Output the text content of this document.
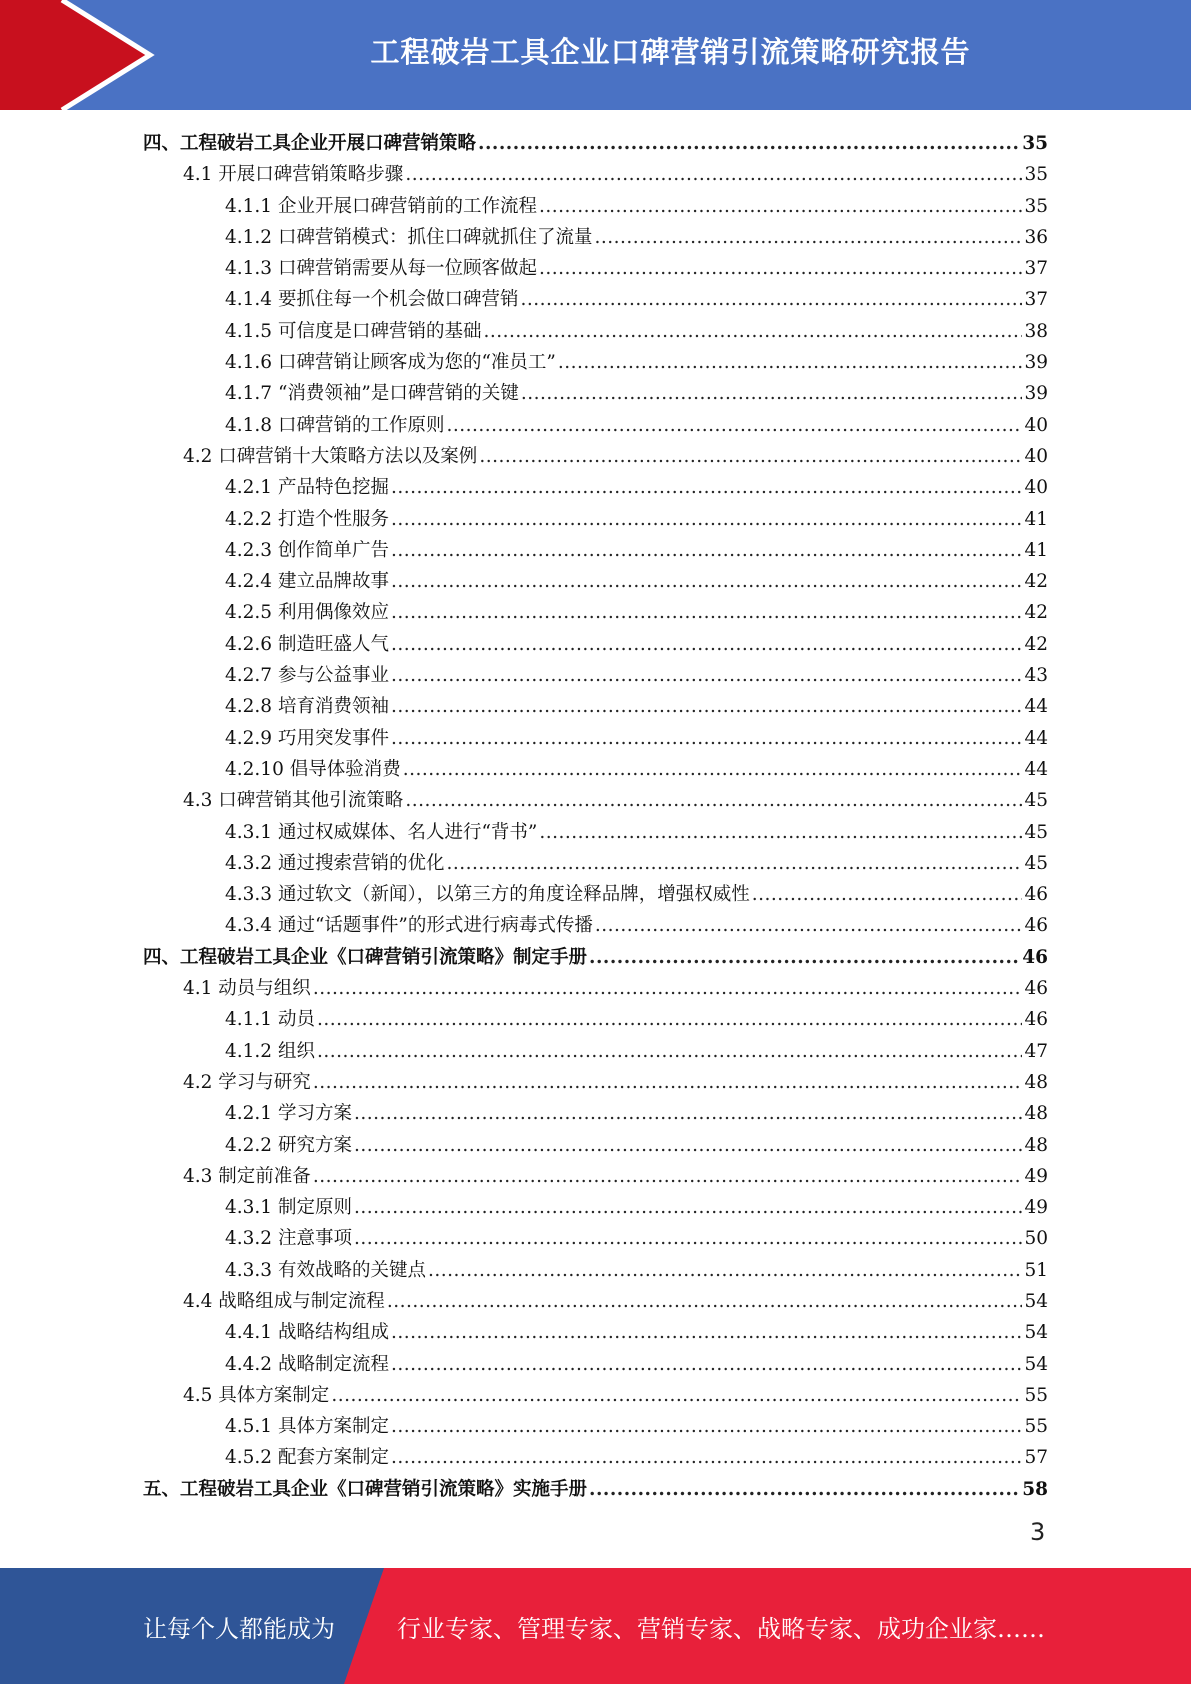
工程破岩工具企业口碑营销引流策略研究报告
四、工程破岩工具企业开展口碑营销策略 .....	35
4.1 开展口碑营销策略步骤 .....	35
4.1.1 企业开展口碑营销前的工作流程 .....	35
4.1.2 口碑营销模式：抓住口碑就抓住了流量 .....	36
4.1.3 口碑营销需要从每一位顾客做起 .....	37
4.1.4 要抓住每一个机会做口碑营销 .....	37
4.1.5 可信度是口碑营销的基础 .....	38
4.1.6 口碑营销让顾客成为您的“准员工” .....	39
4.1.7 “消费领袖”是口碑营销的关键 .....	39
4.1.8 口碑营销的工作原则 .....	40
4.2 口碑营销十大策略方法以及案例 .....	40
4.2.1 产品特色挖掘 .....	40
4.2.2 打造个性服务 .....	41
4.2.3 创作简单广告 .....	41
4.2.4 建立品牌故事 .....	42
4.2.5 利用偶像效应 .....	42
4.2.6 制造旺盛人气 .....	42
4.2.7 参与公益事业 .....	43
4.2.8 培育消费领袖 .....	44
4.2.9 巧用突发事件 .....	44
4.2.10 倡导体验消费 .....	44
4.3 口碑营销其他引流策略 .....	45
4.3.1 通过权威媒体、名人进行“背书” .....	45
4.3.2 通过搜索营销的优化 .....	45
4.3.3 通过软文（新闻），以第三方的角度诠释品牌，增强权威性 .....	46
4.3.4 通过“话题事件”的形式进行病毒式传播 .....	46
四、工程破岩工具企业《口碑营销引流策略》制定手册 .....	46
4.1 动员与组织 .....	46
4.1.1 动员 .....	46
4.1.2 组织 .....	47
4.2 学习与研究 .....	48
4.2.1 学习方案 .....	48
4.2.2 研究方案 .....	48
4.3 制定前准备 .....	49
4.3.1 制定原则 .....	49
4.3.2 注意事项 .....	50
4.3.3 有效战略的关键点 .....	51
4.4 战略组成与制定流程 .....	54
4.4.1 战略结构组成 .....	54
4.4.2 战略制定流程 .....	54
4.5 具体方案制定 .....	55
4.5.1 具体方案制定 .....	55
4.5.2 配套方案制定 .....	57
五、工程破岩工具企业《口碑营销引流策略》实施手册 .....	58
3
让每个人都能成为	行业专家、管理专家、营销专家、战略专家、成功企业家……
